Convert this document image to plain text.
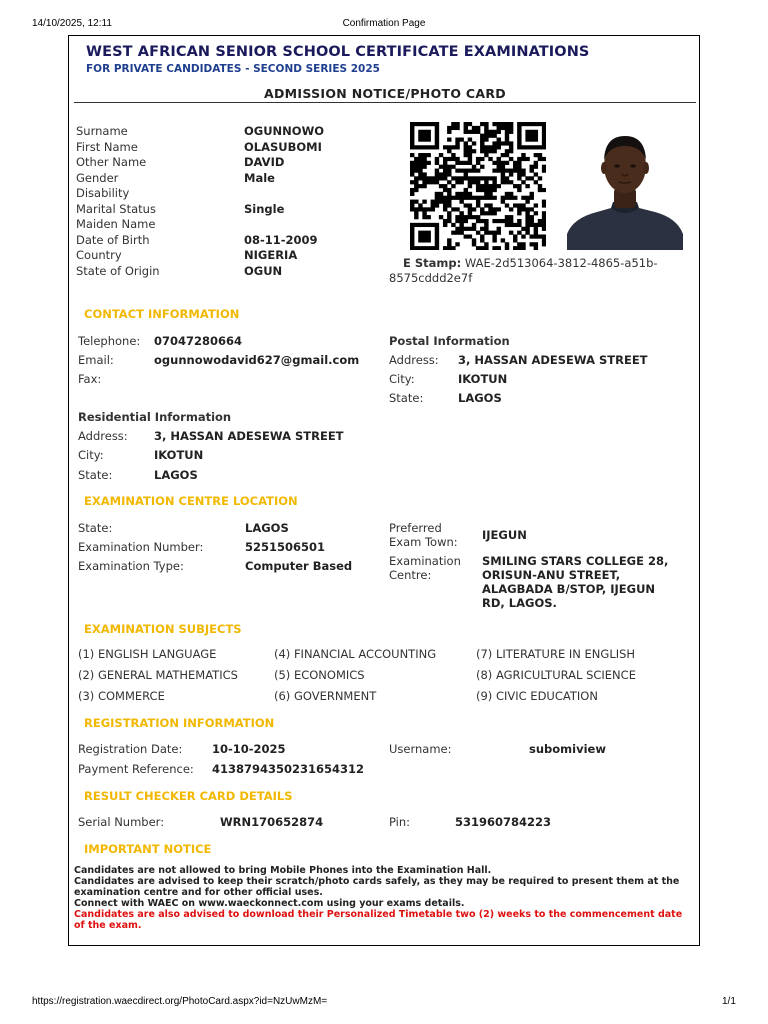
14/10/2025, 12:11	Confirmation Page
https://registration.waecdirect.org/PhotoCard.aspx?id=NzUwMzM=	1/1
WEST AFRICAN SENIOR SCHOOL CERTIFICATE EXAMINATIONS
FOR PRIVATE CANDIDATES - SECOND SERIES 2025
ADMISSION NOTICE/PHOTO CARD
Surname	OGUNNOWO
First Name	OLASUBOMI
Other Name	DAVID
Gender	Male
Disability
Marital Status	Single
Maiden Name
Date of Birth	08-11-2009
Country	NIGERIA
State of Origin	OGUN
E Stamp: WAE-2d513064-3812-4865-a51b-
8575cddd2e7f
CONTACT INFORMATION
Telephone: 07047280664
Email:	ogunnowodavid627@gmail.com
Fax:
Postal Information
Address: 3, HASSAN ADESEWA STREET
City:	IKOTUN
State:	LAGOS
Residential Information
Address: 3, HASSAN ADESEWA STREET
City:	IKOTUN
State:	LAGOS
EXAMINATION CENTRE LOCATION
State:	LAGOS
Examination Number:	5251506501
Examination Type:	Computer Based
Preferred
Exam Town: IJEGUN
Examination
Centre:
SMILING STARS COLLEGE 28,
ORISUN-ANU STREET,
ALAGBADA B/STOP, IJEGUN
RD, LAGOS.
EXAMINATION SUBJECTS
(1) ENGLISH LANGUAGE	(4) FINANCIAL ACCOUNTING	(7) LITERATURE IN ENGLISH
(2) GENERAL MATHEMATICS	(5) ECONOMICS	(8) AGRICULTURAL SCIENCE
(3) COMMERCE	(6) GOVERNMENT	(9) CIVIC EDUCATION
REGISTRATION INFORMATION
Registration Date:	10-10-2025	Username:	subomiview
Payment Reference: 413879435023165431​2
RESULT CHECKER CARD DETAILS
Serial Number:	WRN170652874	Pin:	531960784223
IMPORTANT NOTICE
Candidates are not allowed to bring Mobile Phones into the Examination Hall.
Candidates are advised to keep their scratch/photo cards safely, as they may be required to present them at the examination centre and for other official uses.
Connect with WAEC on www.waeckonnect.com using your exams details.
Candidates are also advised to download their Personalized Timetable two (2) weeks to the commencement date of the exam.
